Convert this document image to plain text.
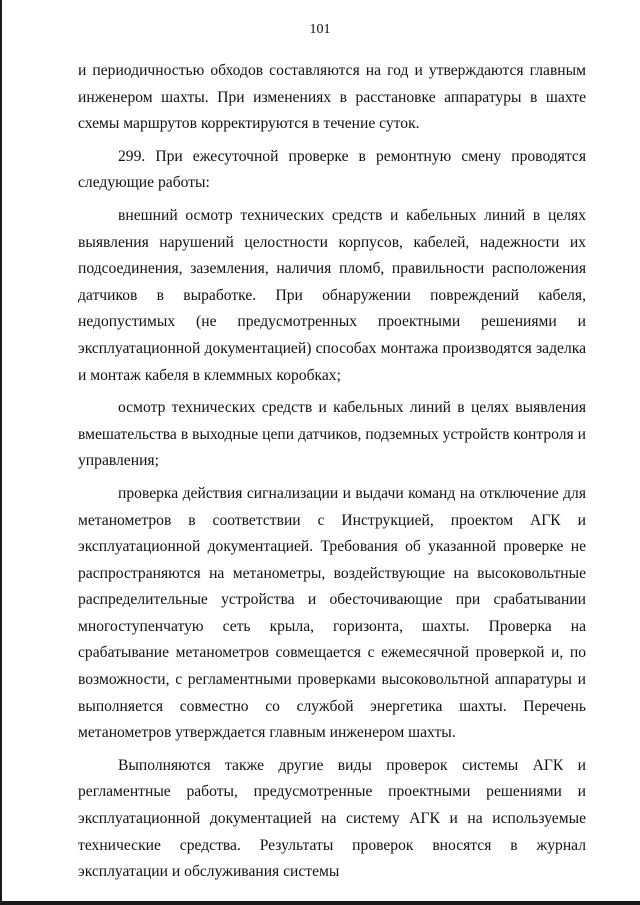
101

и периодичностью обходов составляются на год и утверждаются главным инженером шахты. При изменениях в расстановке аппаратуры в шахте схемы маршрутов корректируются в течение суток.

299. При ежесуточной проверке в ремонтную смену проводятся следующие работы:

внешний осмотр технических средств и кабельных линий в целях выявления нарушений целостности корпусов, кабелей, надежности их подсоединения, заземления, наличия пломб, правильности расположения датчиков в выработке. При обнаружении повреждений кабеля, недопустимых (не предусмотренных проектными решениями и эксплуатационной документацией) способах монтажа производятся заделка и монтаж кабеля в клеммных коробках;

осмотр технических средств и кабельных линий в целях выявления вмешательства в выходные цепи датчиков, подземных устройств контроля и управления;

проверка действия сигнализации и выдачи команд на отключение для метанометров в соответствии с Инструкцией, проектом АГК и эксплуатационной документацией. Требования об указанной проверке не распространяются на метанометры, воздействующие на высоковольтные распределительные устройства и обесточивающие при срабатывании многоступенчатую сеть крыла, горизонта, шахты. Проверка на срабатывание метанометров совмещается с ежемесячной проверкой и, по возможности, с регламентными проверками высоковольтной аппаратуры и выполняется совместно со службой энергетика шахты. Перечень метанометров утверждается главным инженером шахты.

Выполняются также другие виды проверок системы АГК и регламентные работы, предусмотренные проектными решениями и эксплуатационной документацией на систему АГК и на используемые технические средства. Результаты проверок вносятся в журнал эксплуатации и обслуживания системы
